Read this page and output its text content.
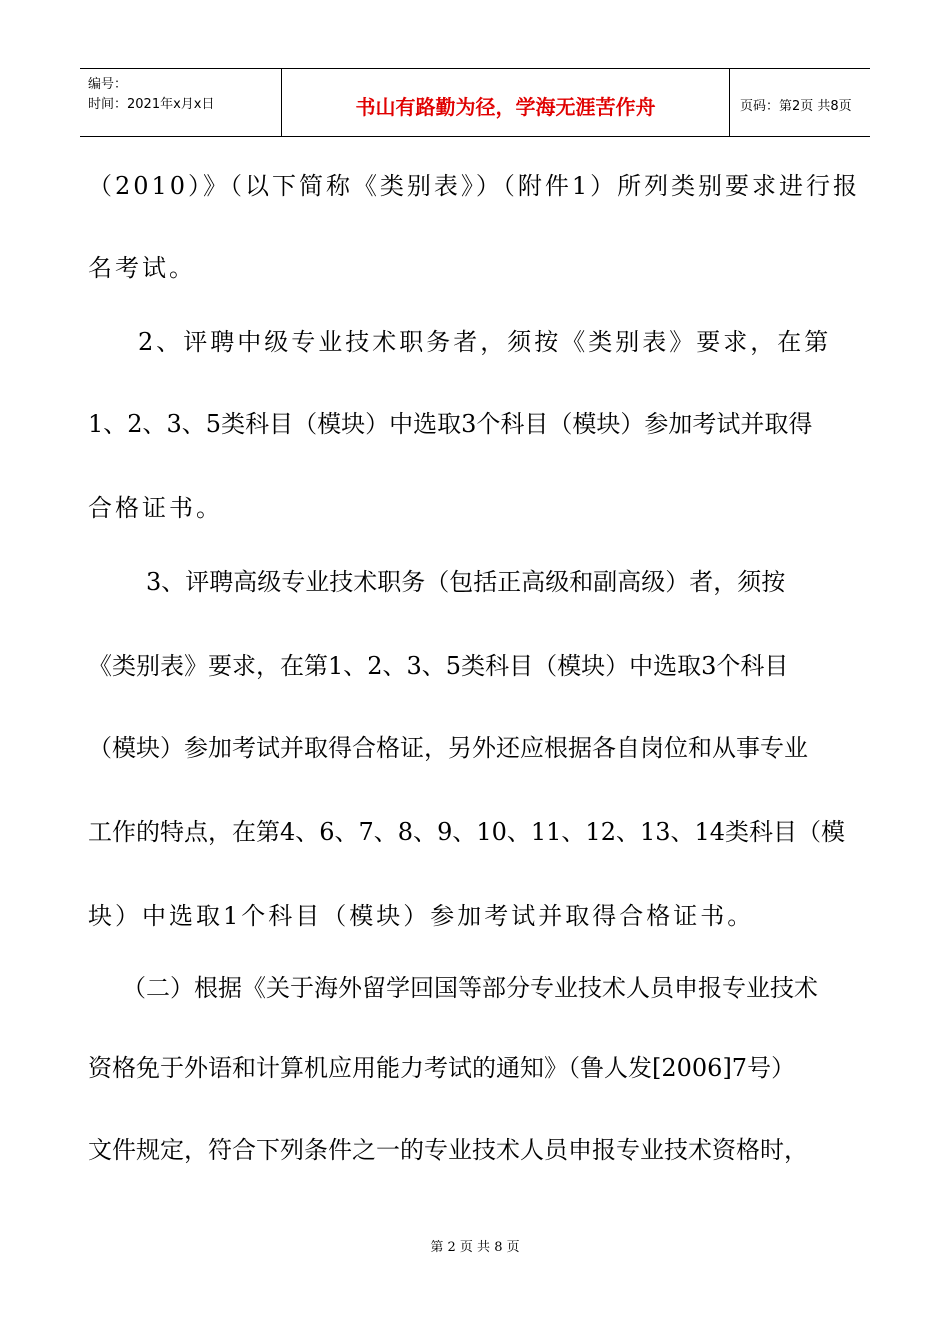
编号：
时间：2021年x月x日	书山有路勤为径，学海无涯苦作舟	页码：第2页 共8页
（2010）》（以下简称《类别表》）（附件1）所列类别要求进行报
名考试。
2、评聘中级专业技术职务者，须按《类别表》要求，在第
1、2、3、5类科目（模块）中选取3个科目（模块）参加考试并取得
合格证书。
3、评聘高级专业技术职务（包括正高级和副高级）者，须按
《类别表》要求，在第1、2、3、5类科目（模块）中选取3个科目
（模块）参加考试并取得合格证，另外还应根据各自岗位和从事专业
工作的特点，在第4、6、7、8、9、10、11、12、13、14类科目（模
块）中选取1个科目（模块）参加考试并取得合格证书。
（二）根据《关于海外留学回国等部分专业技术人员申报专业技术
资格免于外语和计算机应用能力考试的通知》（鲁人发[2006]7号）
文件规定，符合下列条件之一的专业技术人员申报专业技术资格时，
第 2 页 共 8 页
